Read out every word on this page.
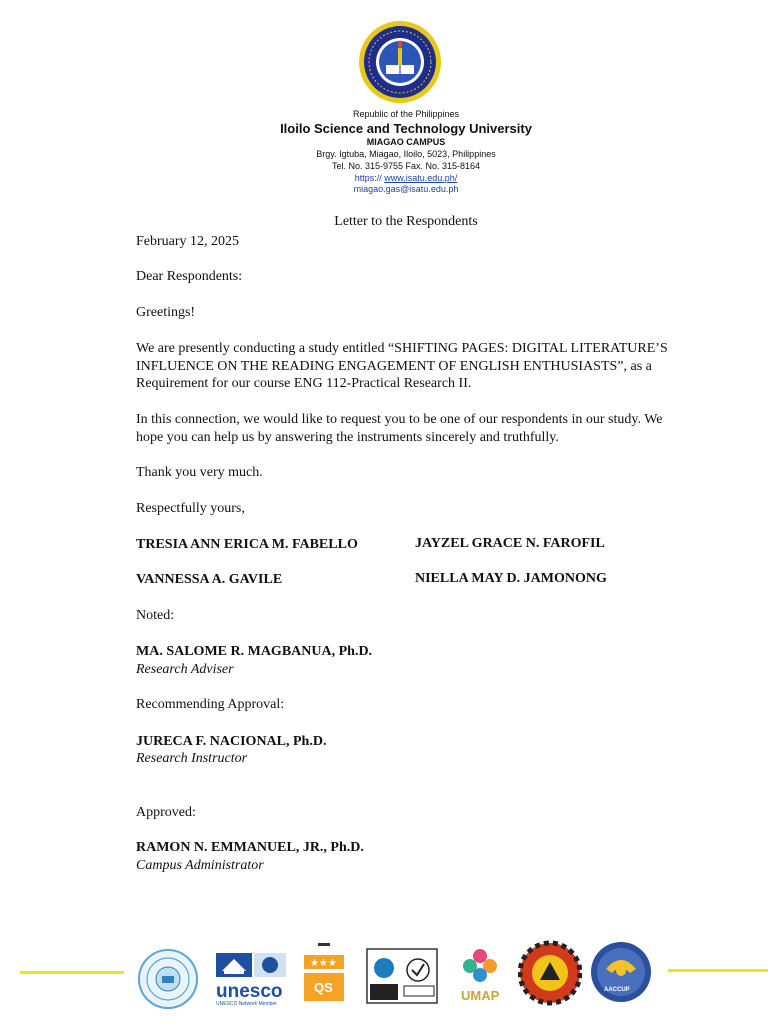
Republic of the Philippines
Iloilo Science and Technology University
MIAGAO CAMPUS
Brgy. Igtuba, Miagao, Iloilo, 5023, Philippines
Tel. No. 315-9755 Fax. No. 315-8164
https:// www.isatu.edu.ph/
miagao.gas@isatu.edu.ph
Letter to the Respondents
February 12, 2025
Dear Respondents:
Greetings!
We are presently conducting a study entitled “SHIFTING PAGES: DIGITAL LITERATURE’S INFLUENCE ON THE READING ENGAGEMENT OF ENGLISH ENTHUSIASTS”, as a Requirement for our course ENG 112-Practical Research II.
In this connection, we would like to request you to be one of our respondents in our study. We hope you can help us by answering the instruments sincerely and truthfully.
Thank you very much.
Respectfully yours,
TRESIA ANN ERICA M. FABELLO	JAYZEL GRACE N. FAROFIL
VANNESSA A. GAVILE	NIELLA MAY D. JAMONONG
Noted:
MA. SALOME R. MAGBANUA, Ph.D.
Research Adviser
Recommending Approval:
JURECA F. NACIONAL, Ph.D.
Research Instructor
Approved:
RAMON N. EMMANUEL, JR., Ph.D.
Campus Administrator
unesco
UNESCO Network Member
★★★
QS
UMAP	AACCUP
